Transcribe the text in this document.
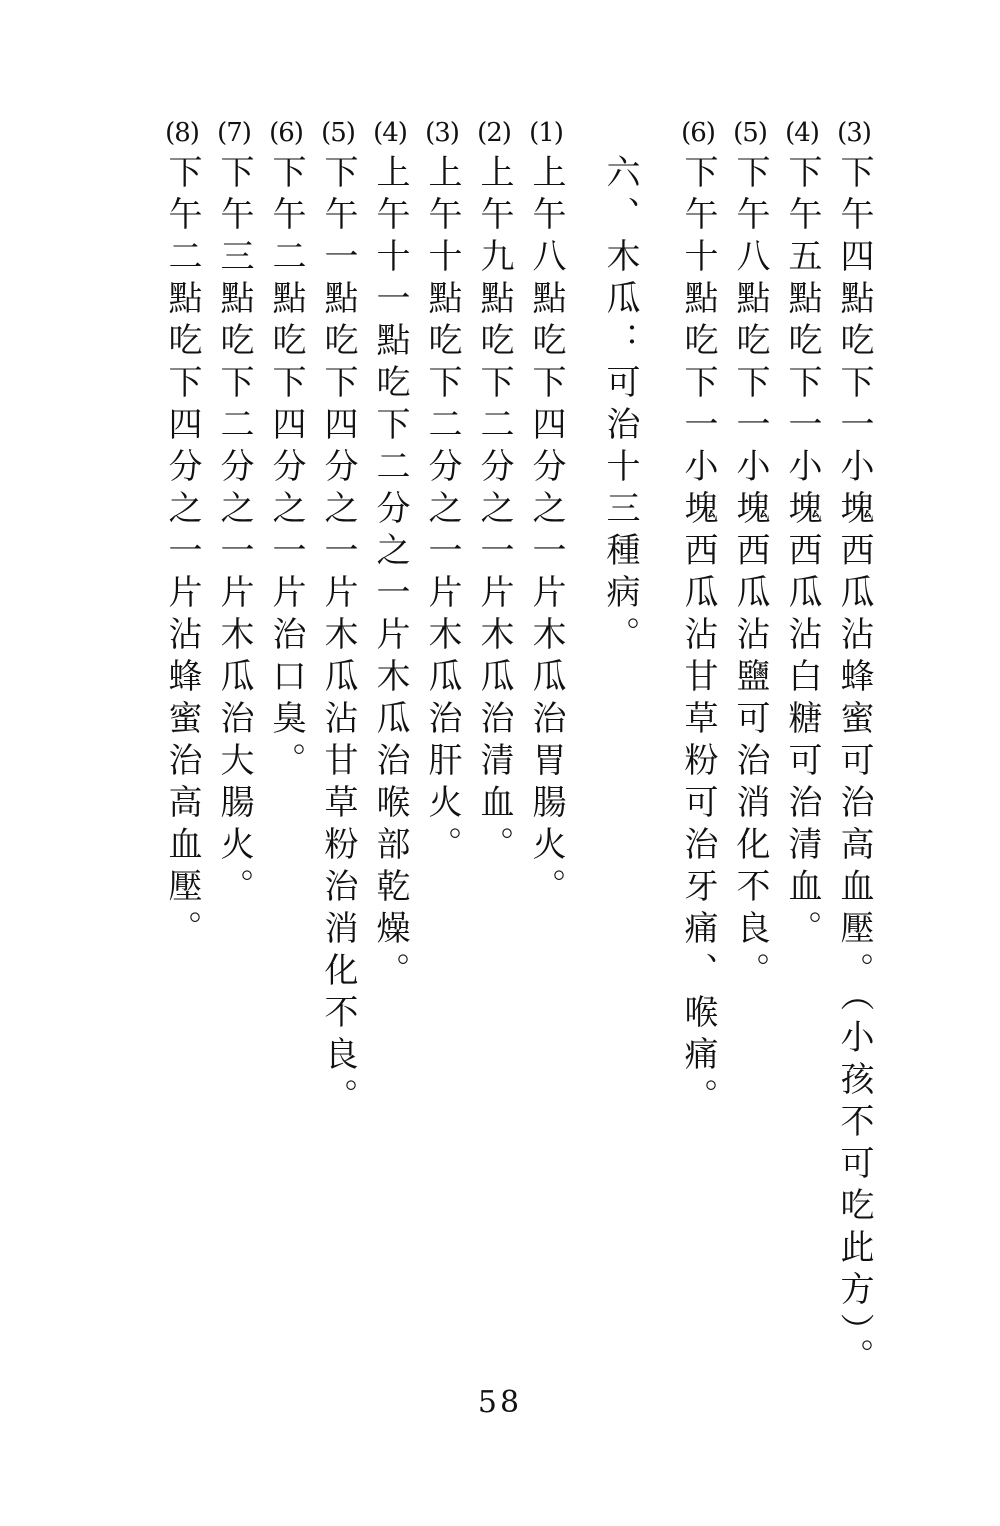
(3)
下午四點吃下一小塊西瓜沾蜂蜜可治高血壓。（小孩不可吃此方）。
(4)
下午五點吃下一小塊西瓜沾白糖可治清血。
(5)
下午八點吃下一小塊西瓜沾鹽可治消化不良。
(6)
下午十點吃下一小塊西瓜沾甘草粉可治牙痛、喉痛。
六、木瓜：可治十三種病。
(1)
上午八點吃下四分之一片木瓜治胃腸火。
(2)
上午九點吃下二分之一片木瓜治清血。
(3)
上午十點吃下二分之一片木瓜治肝火。
(4)
上午十一點吃下二分之一片木瓜治喉部乾燥。
(5)
下午一點吃下四分之一片木瓜沾甘草粉治消化不良。
(6)
下午二點吃下四分之一片治口臭。
(7)
下午三點吃下二分之一片木瓜治大腸火。
(8)
下午二點吃下四分之一片沾蜂蜜治高血壓。
58
